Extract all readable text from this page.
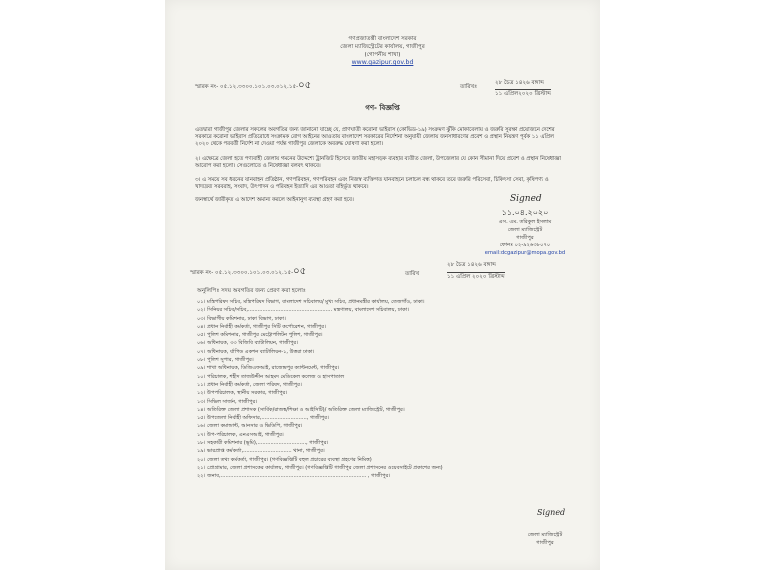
গণপ্রজাতন্ত্রী বাংলাদেশ সরকার
জেলা ম্যাজিস্ট্রেটের কার্যালয়, গাজীপুর
(গোপনীয় শাখা)
www.gazipur.gov.bd
স্মারক নং- ০৫.১২.৩৩০০.১০১.০৩.০১২.১৫-০৫	তারিখঃ
২৮ চৈত্র ১৪২৬ বঙ্গাব্দ
১১ এপ্রিল২০২০ খ্রিস্টাব্দ
গণ- বিজ্ঞপ্তি
এতদ্বারা গাজীপুর জেলার সকলের অবগতির জন্য জানানো যাচ্ছে যে, প্রাণঘাতী করোনা ভাইরাস (কোভিড-১৯) সংক্রমণ ঝুঁকি মোকাবেলায় ও জরুরি সুরক্ষা প্রয়োজনে দেশের সরকারে করোনা ভাইরাস প্রতিরোধে সংক্রামক রোগ আইনের আওতায় বাংলাদেশ সরকারের নির্দেশনা অনুযায়ী জেলায় জনসাধারণের প্রবেশ ও প্রস্থান নিয়ন্ত্রণ পূর্বক ১১ এপ্রিল ২০২০ থেকে পরবর্তী নির্দেশ না দেওয়া পর্যন্ত গাজীপুর জেলাকে অবরুদ্ধ ঘোষণা করা হলো।
২। এক্ষেত্রে জেলা হতে পণ্যবাহী জেলায় গমনের উদ্দেশ্যে ট্রানজিট হিসেবে জাতীয় মহাসড়ক ব্যবহার ব্যতীত জেলা, উপজেলার যে কোন সীমানা দিয়ে প্রবেশ ও প্রস্থান নিষেধাজ্ঞা আরোপ করা হলো। সেগুলোতে ও নিষেধাজ্ঞা বলবৎ থাকবে।
৩। এ সময়ে সব ধরনের যানবাহন প্রতিষ্ঠান, গণপরিবহন, গণপরিবহন এবং নিজস্ব ব্যক্তিগত যানবাহনে চলাচল বন্ধ থাকবে তবে জরুরি পরিসেবা, চিকিৎসা সেবা, কৃষিপণ্য ও খাদ্যদ্রব্য সরবরাহ, সংবাদ, উৎপাদন ও পরিবহন ইত্যাদি এর আওতা বহির্ভূত থাকবে।
জনস্বার্থে জারীকৃত এ আদেশ অমান্য করলে আইনানুগ ব্যবস্থা গ্রহণ করা হবে।	Signed
১১.০৪.২০২০
এস. এম. তরিকুল ইসলাম
জেলা ম্যাজিস্ট্রেট
গাজীপুর
ফোনঃ ০২-৯২৬৩৮০৭০
email:dcgazipur@mopa.gov.bd
স্মারক নং- ০৫.১২.৩৩০০.১০১.০৩.০১২.১৫-০৫	তারিখ
২৮ চৈত্র ১৪২৬ বঙ্গাব্দ
১১ এপ্রিল ২০২০ খ্রিস্টাব্দ
অনুলিপিঃ সদয় অবগতির জন্য প্রেরণ করা হলোঃ
০১। মন্ত্রিপরিষদ সচিব, মন্ত্রিপরিষদ বিভাগ, বাংলাদেশ সচিবালয়/ মুখ্য সচিব, প্রধানমন্ত্রীর কার্যালয়, তেজগাঁও, ঢাকা।
০২। সিনিয়র সচিব/সচিব,.................................................... মন্ত্রণালয়, বাংলাদেশ সচিবালয়, ঢাকা।
০৩। বিভাগীয় কমিশনার, ঢাকা বিভাগ, ঢাকা।
০৪। প্রধান নির্বাহী কর্মকর্তা, গাজীপুর সিটি কর্পোরেশন, গাজীপুর।
০৫। পুলিশ কমিশনার, গাজীপুর মেট্রোপলিটন পুলিশ, গাজীপুর।
০৬। অধিনায়ক, ৩৩ বিজিবি ব্যাটালিয়ন, গাজীপুর।
০৭। অধিনায়ক, র্যাপিড একশন ব্যাটালিয়ন-১, উত্তরা ঢাকা।
০৮। পুলিশ সুপার, গাজীপুর।
০৯। শাখা অধিনায়ক, ডিজিএফআই, রাজেন্দ্রপুর ক্যান্টনমেন্ট, গাজীপুর।
১০। পরিচালক, শহীদ তাজউদ্দীন আহমদ মেডিকেল কলেজ ও হাসপাতাল
১১। প্রধান নির্বাহী কর্মকর্তা, জেলা পরিষদ, গাজীপুর।
১২। উপপরিচালক, স্থানীয় সরকার, গাজীপুর।
১৩। সিভিল সার্জন, গাজীপুর।
১৪। অতিরিক্ত জেলা প্রশাসক (সার্বিক/রাজস্ব/শিক্ষা ও আইসিটি)/ অতিরিক্ত জেলা ম্যাজিস্ট্রেট, গাজীপুর।
১৫। উপজেলা নির্বাহী অফিসার,............................, গাজীপুর।
১৬। জেলা কমান্ডান্ট, আনসার ও ভিডিপি, গাজীপুর।
১৭। উপ-পরিচালক, এনএসআই, গাজীপুর।
১৮। সহকারী কমিশনার (ভূমি),.............................., গাজীপুর।
১৯। ভারপ্রাপ্ত কর্মকর্তা,.............................. থানা, গাজীপুর।
২০। জেলা তথ্য কর্মকর্তা, গাজীপুর। (গণবিজ্ঞপ্তিটি বহুল প্রচারের ব্যবস্থা গ্রহণের নিমিত্ত)
২১। প্রোগ্রামার, জেলা প্রশাসকের কার্যালয়, গাজীপুর। (গণবিজ্ঞপ্তিটি গাজীপুর জেলা প্রশাসনের ওয়েবসাইটে প্রকাশের জন্য)
২২। জনাব,.......................................................................................... , গাজীপুর।
Signed
জেলা ম্যাজিস্ট্রেট
গাজীপুর
